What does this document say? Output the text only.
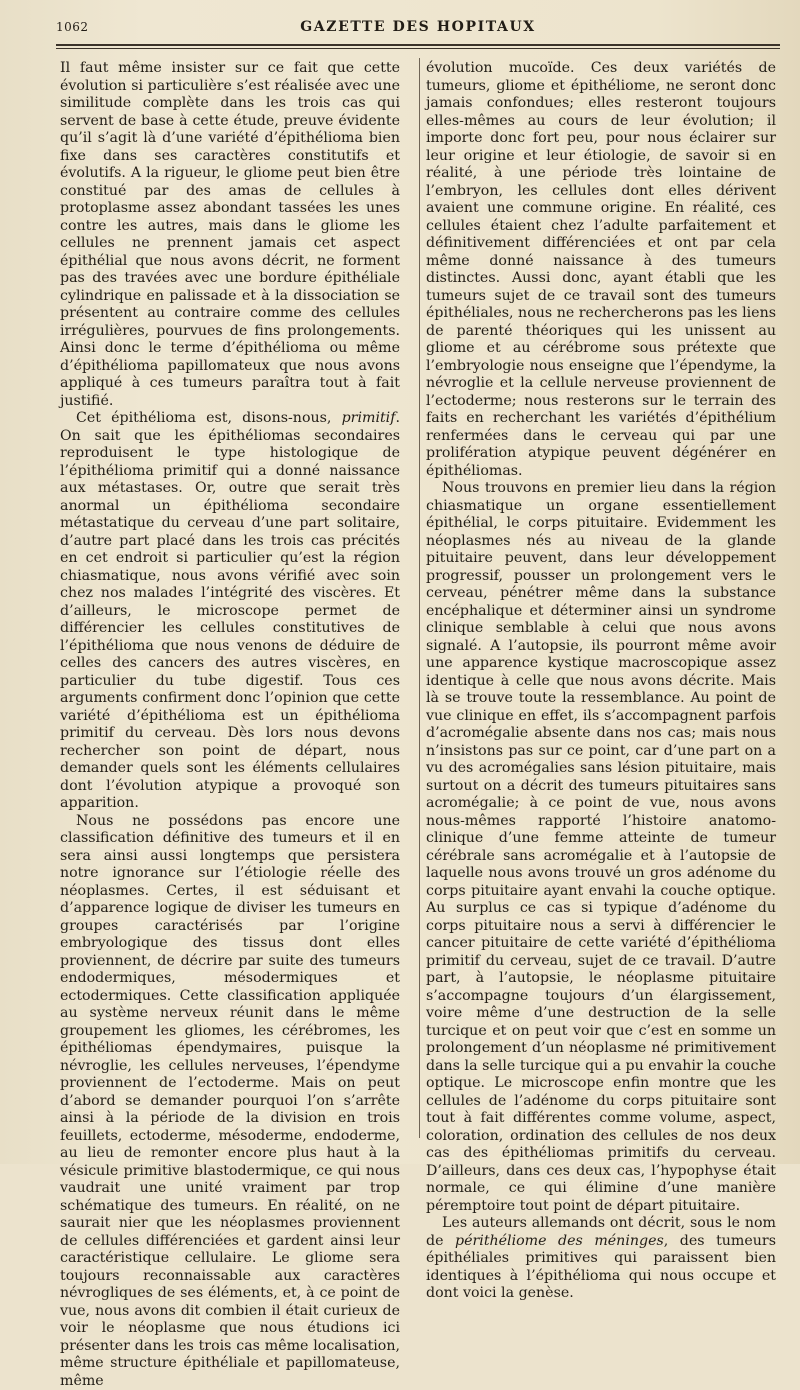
1062	GAZETTE DES HOPITAUX

Il faut même insister sur ce fait que cette évolution si particulière s’est réalisée avec une similitude complète dans les trois cas qui servent de base à cette étude, preuve évidente qu’il s’agit là d’une variété d’épithélioma bien fixe dans ses caractères constitutifs et évolutifs. A la rigueur, le gliome peut bien être constitué par des amas de cellules à protoplasme assez abondant tassées les unes contre les autres, mais dans le gliome les cellules ne prennent jamais cet aspect épithélial que nous avons décrit, ne forment pas des travées avec une bordure épithéliale cylindrique en palissade et à la dissociation se présentent au contraire comme des cellules irrégulières, pourvues de fins prolongements. Ainsi donc le terme d’épithélioma ou même d’épithélioma papillomateux que nous avons appliqué à ces tumeurs paraîtra tout à fait justifié.

Cet épithélioma est, disons-nous, primitif. On sait que les épithéliomas secondaires reproduisent le type histologique de l’épithélioma primitif qui a donné naissance aux métastases. Or, outre que serait très anormal un épithélioma secondaire métastatique du cerveau d’une part solitaire, d’autre part placé dans les trois cas précités en cet endroit si particulier qu’est la région chiasmatique, nous avons vérifié avec soin chez nos malades l’intégrité des viscères. Et d’ailleurs, le microscope permet de différencier les cellules constitutives de l’épithélioma que nous venons de déduire de celles des cancers des autres viscères, en particulier du tube digestif. Tous ces arguments confirment donc l’opinion que cette variété d’épithélioma est un épithélioma primitif du cerveau. Dès lors nous devons rechercher son point de départ, nous demander quels sont les éléments cellulaires dont l’évolution atypique a provoqué son apparition.

Nous ne possédons pas encore une classification définitive des tumeurs et il en sera ainsi aussi longtemps que persistera notre ignorance sur l’étiologie réelle des néoplasmes. Certes, il est séduisant et d’apparence logique de diviser les tumeurs en groupes caractérisés par l’origine embryologique des tissus dont elles proviennent, de décrire par suite des tumeurs endodermiques, mésodermiques et ectodermiques. Cette classification appliquée au système nerveux réunit dans le même groupement les gliomes, les cérébromes, les épithéliomas épendymaires, puisque la névroglie, les cellules nerveuses, l’épendyme proviennent de l’ectoderme. Mais on peut d’abord se demander pourquoi l’on s’arrête ainsi à la période de la division en trois feuillets, ectoderme, mésoderme, endoderme, au lieu de remonter encore plus haut à la vésicule primitive blastodermique, ce qui nous vaudrait une unité vraiment par trop schématique des tumeurs. En réalité, on ne saurait nier que les néoplasmes proviennent de cellules différenciées et gardent ainsi leur caractéristique cellulaire. Le gliome sera toujours reconnaissable aux caractères névrogliques de ses éléments, et, à ce point de vue, nous avons dit combien il était curieux de voir le néoplasme que nous étudions ici présenter dans les trois cas même localisation, même structure épithéliale et papillomateuse, même

évolution mucoïde. Ces deux variétés de tumeurs, gliome et épithéliome, ne seront donc jamais confondues; elles resteront toujours elles-mêmes au cours de leur évolution; il importe donc fort peu, pour nous éclairer sur leur origine et leur étiologie, de savoir si en réalité, à une période très lointaine de l’embryon, les cellules dont elles dérivent avaient une commune origine. En réalité, ces cellules étaient chez l’adulte parfaitement et définitivement différenciées et ont par cela même donné naissance à des tumeurs distinctes. Aussi donc, ayant établi que les tumeurs sujet de ce travail sont des tumeurs épithéliales, nous ne rechercherons pas les liens de parenté théoriques qui les unissent au gliome et au cérébrome sous prétexte que l’embryologie nous enseigne que l’épendyme, la névroglie et la cellule nerveuse proviennent de l’ectoderme; nous resterons sur le terrain des faits en recherchant les variétés d’épithélium renfermées dans le cerveau qui par une prolifération atypique peuvent dégénérer en épithéliomas.

Nous trouvons en premier lieu dans la région chiasmatique un organe essentiellement épithélial, le corps pituitaire. Evidemment les néoplasmes nés au niveau de la glande pituitaire peuvent, dans leur développement progressif, pousser un prolongement vers le cerveau, pénétrer même dans la substance encéphalique et déterminer ainsi un syndrome clinique semblable à celui que nous avons signalé. A l’autopsie, ils pourront même avoir une apparence kystique macroscopique assez identique à celle que nous avons décrite. Mais là se trouve toute la ressemblance. Au point de vue clinique en effet, ils s’accompagnent parfois d’acromégalie absente dans nos cas; mais nous n’insistons pas sur ce point, car d’une part on a vu des acromégalies sans lésion pituitaire, mais surtout on a décrit des tumeurs pituitaires sans acromégalie; à ce point de vue, nous avons nous-mêmes rapporté l’histoire anatomo-clinique d’une femme atteinte de tumeur cérébrale sans acromégalie et à l’autopsie de laquelle nous avons trouvé un gros adénome du corps pituitaire ayant envahi la couche optique. Au surplus ce cas si typique d’adénome du corps pituitaire nous a servi à différencier le cancer pituitaire de cette variété d’épithélioma primitif du cerveau, sujet de ce travail. D’autre part, à l’autopsie, le néoplasme pituitaire s’accompagne toujours d’un élargissement, voire même d’une destruction de la selle turcique et on peut voir que c’est en somme un prolongement d’un néoplasme né primitivement dans la selle turcique qui a pu envahir la couche optique. Le microscope enfin montre que les cellules de l’adénome du corps pituitaire sont tout à fait différentes comme volume, aspect, coloration, ordination des cellules de nos deux cas des épithéliomas primitifs du cerveau. D’ailleurs, dans ces deux cas, l’hypophyse était normale, ce qui élimine d’une manière péremptoire tout point de départ pituitaire.

Les auteurs allemands ont décrit, sous le nom de périthéliome des méninges, des tumeurs épithéliales primitives qui paraissent bien identiques à l’épithélioma qui nous occupe et dont voici la genèse.
